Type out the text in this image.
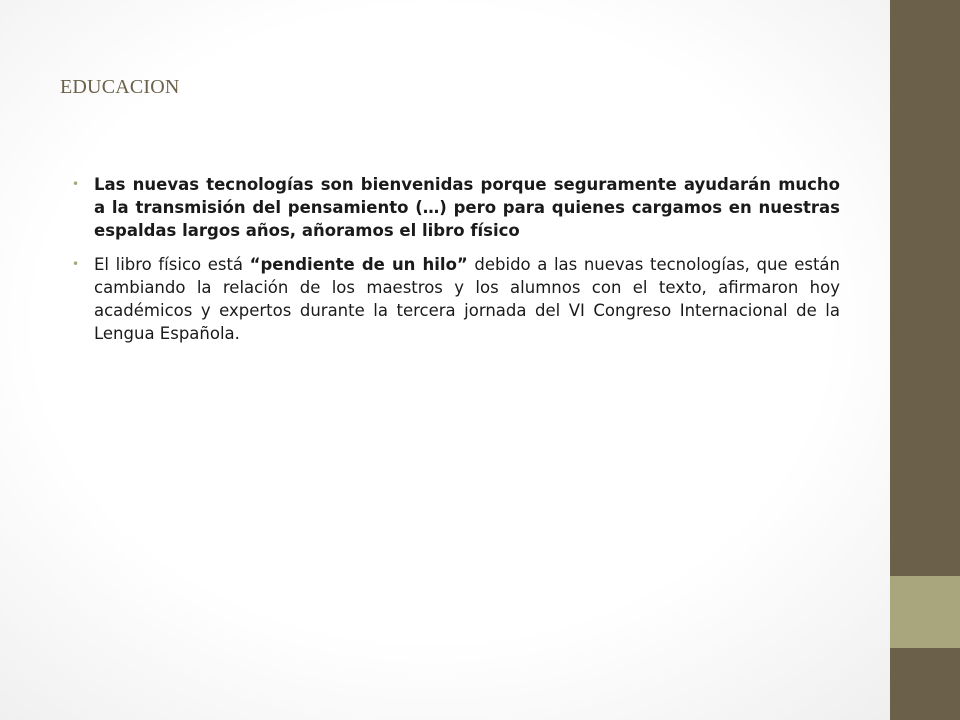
EDUCACION
• Las nuevas tecnologías son bienvenidas porque seguramente ayudarán mucho a la transmisión del pensamiento (…) pero para quienes cargamos en nuestras espaldas largos años, añoramos el libro físico
• El libro físico está “pendiente de un hilo” debido a las nuevas tecnologías, que están cambiando la relación de los maestros y los alumnos con el texto, afirmaron hoy académicos y expertos durante la tercera jornada del VI Congreso Internacional de la Lengua Española.
